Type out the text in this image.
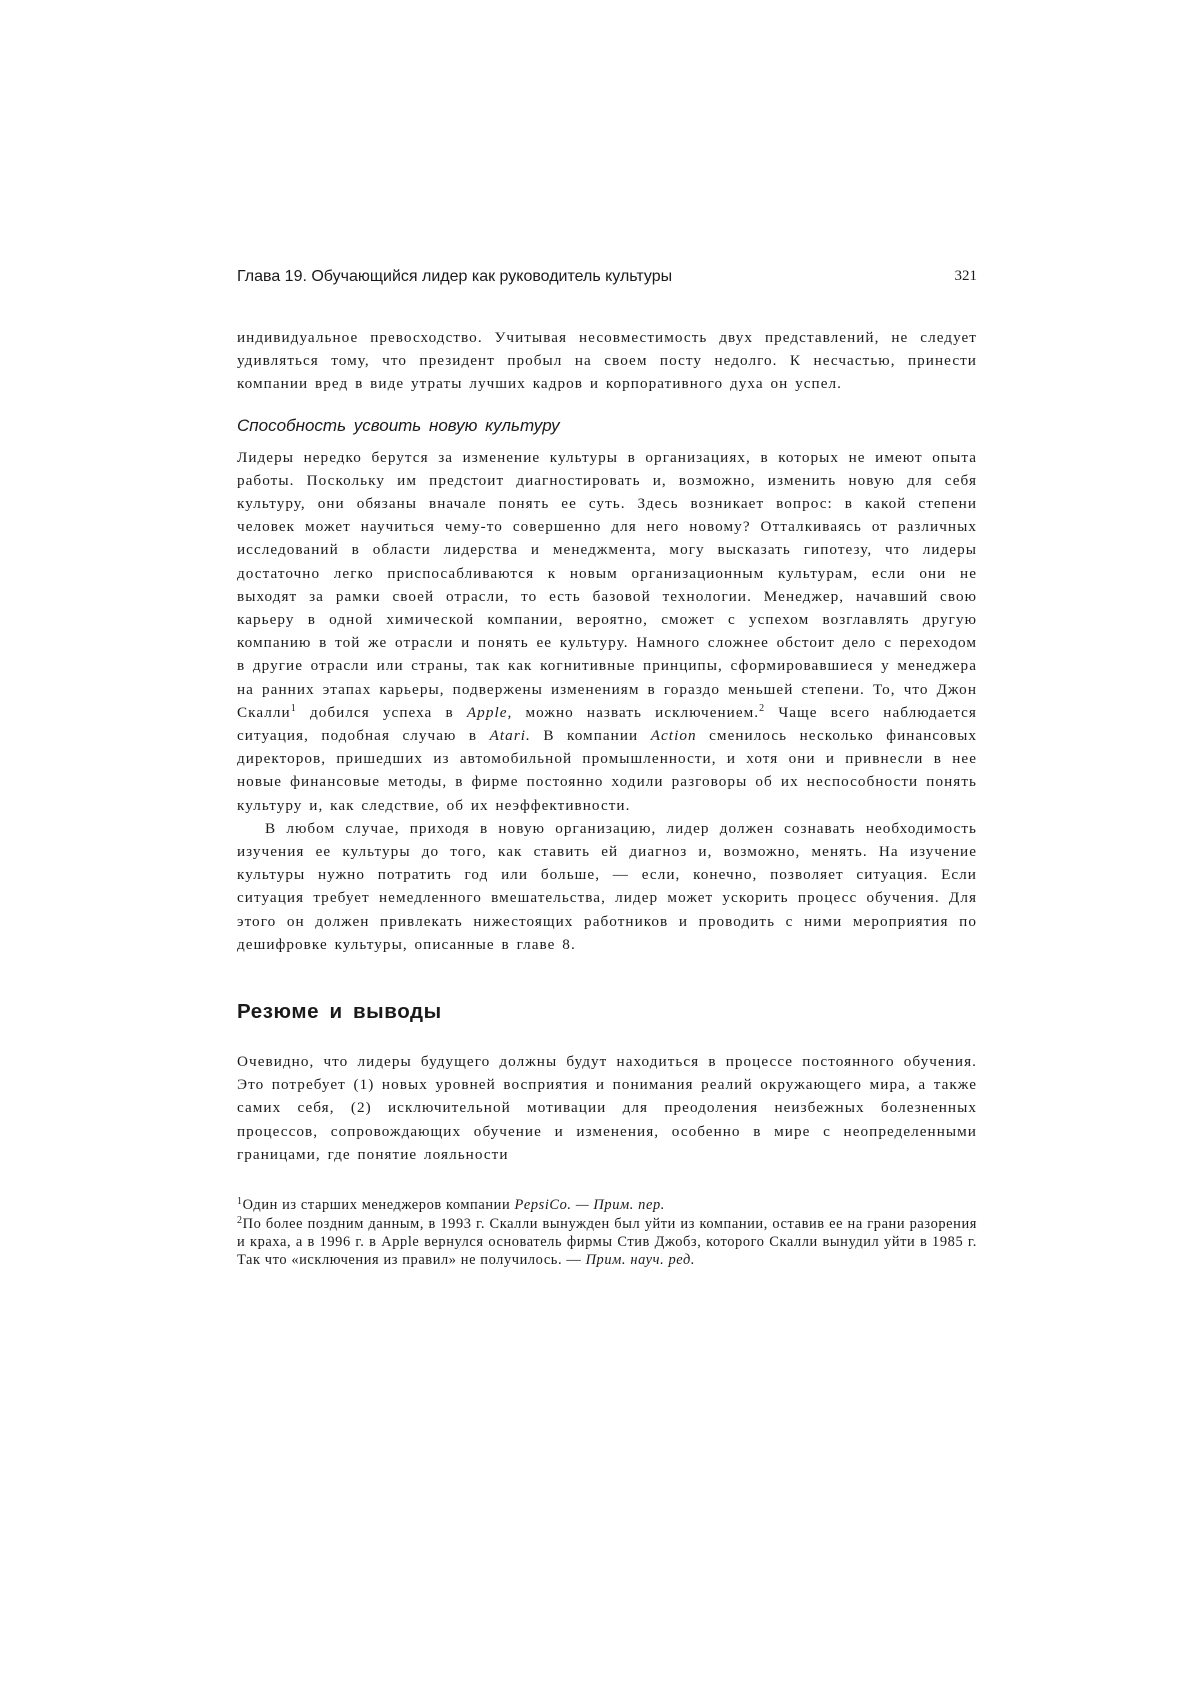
Глава 19. Обучающийся лидер как руководитель культуры	321

индивидуальное превосходство. Учитывая несовместимость двух представлений, не следует удивляться тому, что президент пробыл на своем посту недолго. К несчастью, принести компании вред в виде утраты лучших кадров и корпоративного духа он успел.

Способность усвоить новую культуру

Лидеры нередко берутся за изменение культуры в организациях, в которых не имеют опыта работы. Поскольку им предстоит диагностировать и, возможно, изменить новую для себя культуру, они обязаны вначале понять ее суть. Здесь возникает вопрос: в какой степени человек может научиться чему-то совершенно для него новому? Отталкиваясь от различных исследований в области лидерства и менеджмента, могу высказать гипотезу, что лидеры достаточно легко приспосабливаются к новым организационным культурам, если они не выходят за рамки своей отрасли, то есть базовой технологии. Менеджер, начавший свою карьеру в одной химической компании, вероятно, сможет с успехом возглавлять другую компанию в той же отрасли и понять ее культуру. Намного сложнее обстоит дело с переходом в другие отрасли или страны, так как когнитивные принципы, сформировавшиеся у менеджера на ранних этапах карьеры, подвержены изменениям в гораздо меньшей степени. То, что Джон Скалли$^1$ добился успеха в Apple, можно назвать исключением.$^2$ Чаще всего наблюдается ситуация, подобная случаю в Atari. В компании Action сменилось несколько финансовых директоров, пришедших из автомобильной промышленности, и хотя они и привнесли в нее новые финансовые методы, в фирме постоянно ходили разговоры об их неспособности понять культуру и, как следствие, об их неэффективности.

В любом случае, приходя в новую организацию, лидер должен сознавать необходимость изучения ее культуры до того, как ставить ей диагноз и, возможно, менять. На изучение культуры нужно потратить год или больше, — если, конечно, позволяет ситуация. Если ситуация требует немедленного вмешательства, лидер может ускорить процесс обучения. Для этого он должен привлекать нижестоящих работников и проводить с ними мероприятия по дешифровке культуры, описанные в главе 8.

Резюме и выводы

Очевидно, что лидеры будущего должны будут находиться в процессе постоянного обучения. Это потребует (1) новых уровней восприятия и понимания реалий окружающего мира, а также самих себя, (2) исключительной мотивации для преодоления неизбежных болезненных процессов, сопровождающих обучение и изменения, особенно в мире с неопределенными границами, где понятие лояльности

$^1$Один из старших менеджеров компании PepsiCo. — Прим. пер.

$^2$По более поздним данным, в 1993 г. Скалли вынужден был уйти из компании, оставив ее на грани разорения и краха, а в 1996 г. в Apple вернулся основатель фирмы Стив Джобз, которого Скалли вынудил уйти в 1985 г. Так что «исключения из правил» не получилось. — Прим. науч. ред.
